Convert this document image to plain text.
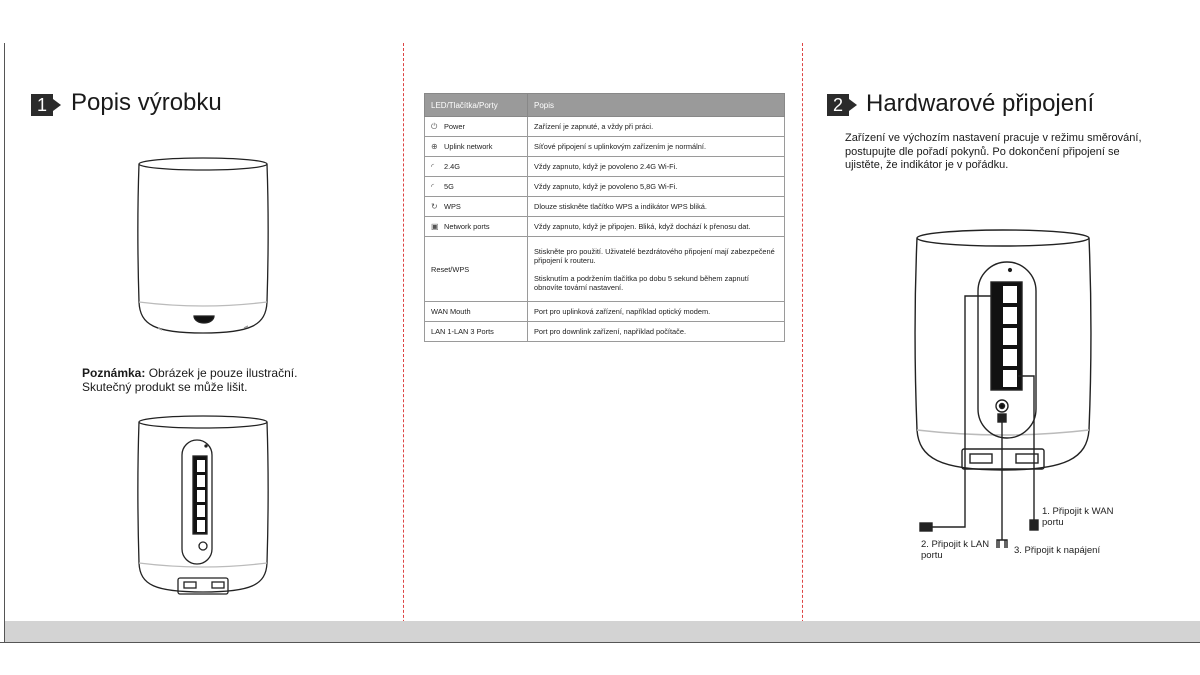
1 Popis výrobku
Poznámka: Obrázek je pouze ilustrační.
Skutečný produkt se může lišit.
LED/Tlačítka/Porty	Popis
⏻ Power	Zařízení je zapnuté, a vždy při práci.
⊕ Uplink network	Síťové připojení s uplinkovým zařízením je normální.
◜ 2.4G	Vždy zapnuto, když je povoleno 2.4G Wi-Fi.
◜ 5G	Vždy zapnuto, když je povoleno 5,8G Wi-Fi.
↻ WPS	Dlouze stiskněte tlačítko WPS a indikátor WPS bliká.
▣ Network ports	Vždy zapnuto, když je připojen. Bliká, když dochází k přenosu dat.
Reset/WPS	Stiskněte pro použití. Uživatelé bezdrátového připojení mají zabezpečené připojení k routeru.

Stisknutím a podržením tlačítka po dobu 5 sekund během zapnutí obnovíte tovární nastavení.

WAN Mouth	Port pro uplinková zařízení, například optický modem.
LAN 1-LAN 3 Ports	Port pro downlink zařízení, například počítače.
2 Hardwarové připojení
Zařízení ve výchozím nastavení pracuje v režimu směrování, postupujte dle pořadí pokynů. Po dokončení připojení se ujistěte, že indikátor je v pořádku.
1. Připojit k WAN
portu
2. Připojit k LAN
portu	3. Připojit k napájení
